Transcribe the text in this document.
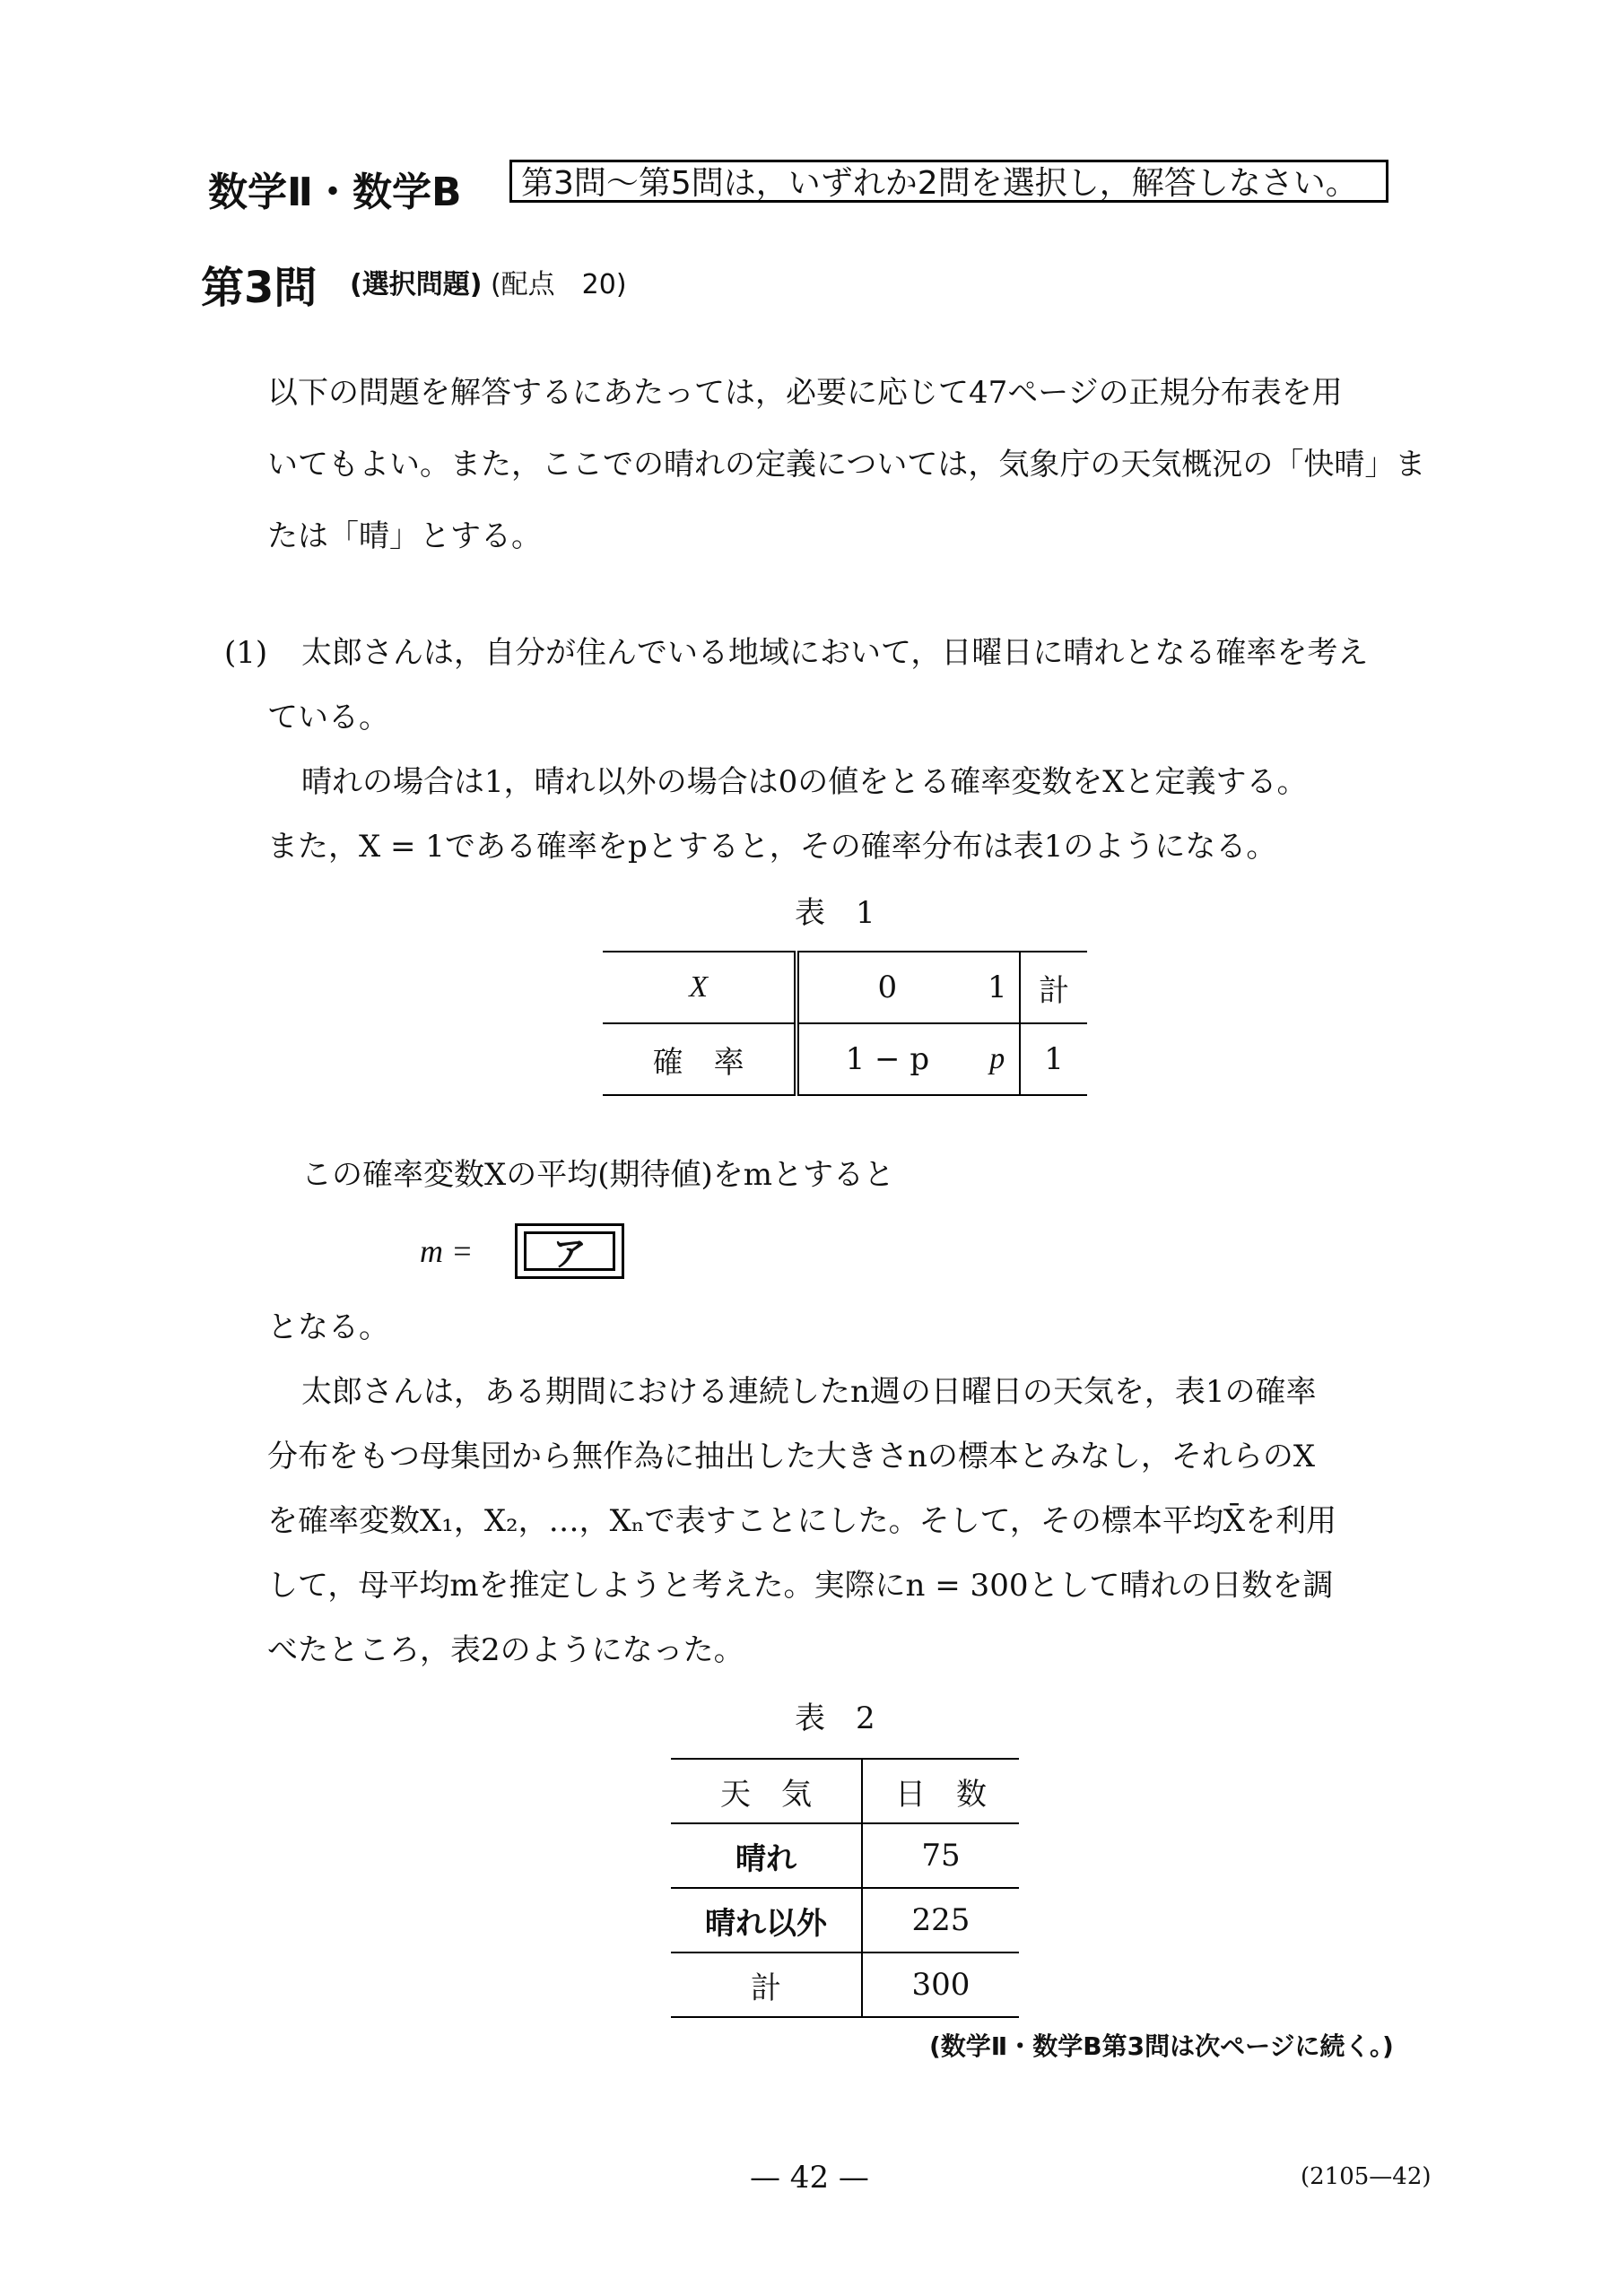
数学Ⅱ・数学B	第3問～第5問は，いずれか2問を選択し，解答しなさい。
第3問 (選択問題) (配点　20)
以下の問題を解答するにあたっては，必要に応じて47ページの正規分布表を用
いてもよい。また，ここでの晴れの定義については，気象庁の天気概況の「快晴」ま
たは「晴」とする。
(1) 太郎さんは，自分が住んでいる地域において，日曜日に晴れとなる確率を考え
ている。
晴れの場合は1，晴れ以外の場合は0の値をとる確率変数をXと定義する。
また，X = 1である確率をpとすると，その確率分布は表1のようになる。
表　1
X	0	1	計
確　率	1 − p	p	1
この確率変数Xの平均(期待値)をmとすると
m =	ア
となる。
太郎さんは，ある期間における連続したn週の日曜日の天気を，表1の確率
分布をもつ母集団から無作為に抽出した大きさnの標本とみなし，それらのX
を確率変数X₁，X₂，…，Xₙで表すことにした。そして，その標本平均X̄を利用
して，母平均mを推定しようと考えた。実際にn = 300として晴れの日数を調
べたところ，表2のようになった。
表　2
天　気	日　数
晴れ	75
晴れ以外	225
計	300
(数学Ⅱ・数学B第3問は次ページに続く。)
— 42 —	(2105—42)
